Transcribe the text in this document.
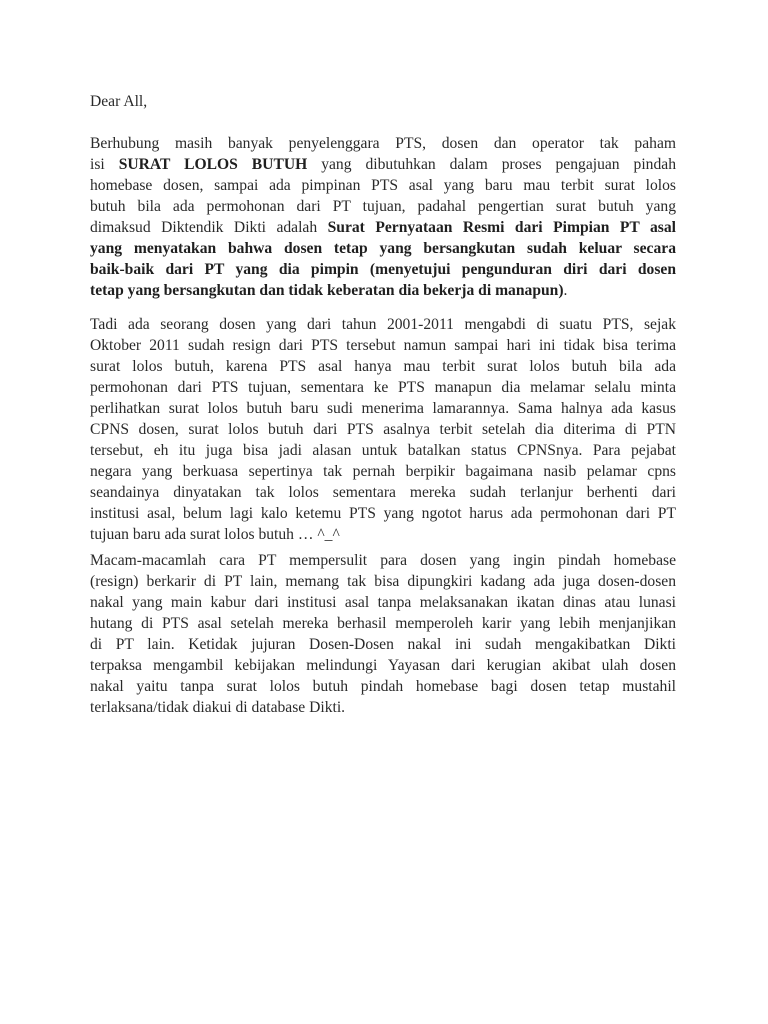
Dear All,
Berhubung masih banyak penyelenggara PTS, dosen dan operator tak paham
isi SURAT LOLOS BUTUH yang dibutuhkan dalam proses pengajuan pindah
homebase dosen, sampai ada pimpinan PTS asal yang baru mau terbit surat lolos
butuh bila ada permohonan dari PT tujuan, padahal pengertian surat butuh yang
dimaksud Diktendik Dikti adalah Surat Pernyataan Resmi dari Pimpian PT asal
yang menyatakan bahwa dosen tetap yang bersangkutan sudah keluar secara
baik-baik dari PT yang dia pimpin (menyetujui pengunduran diri dari dosen
tetap yang bersangkutan dan tidak keberatan dia bekerja di manapun).
Tadi ada seorang dosen yang dari tahun 2001-2011 mengabdi di suatu PTS, sejak
Oktober 2011 sudah resign dari PTS tersebut namun sampai hari ini tidak bisa terima
surat lolos butuh, karena PTS asal hanya mau terbit surat lolos butuh bila ada
permohonan dari PTS tujuan, sementara ke PTS manapun dia melamar selalu minta
perlihatkan surat lolos butuh baru sudi menerima lamarannya. Sama halnya ada kasus
CPNS dosen, surat lolos butuh dari PTS asalnya terbit setelah dia diterima di PTN
tersebut, eh itu juga bisa jadi alasan untuk batalkan status CPNSnya. Para pejabat
negara yang berkuasa sepertinya tak pernah berpikir bagaimana nasib pelamar cpns
seandainya dinyatakan tak lolos sementara mereka sudah terlanjur berhenti dari
institusi asal, belum lagi kalo ketemu PTS yang ngotot harus ada permohonan dari PT
tujuan baru ada surat lolos butuh … ^_^
Macam-macamlah cara PT mempersulit para dosen yang ingin pindah homebase
(resign) berkarir di PT lain, memang tak bisa dipungkiri kadang ada juga dosen-dosen
nakal yang main kabur dari institusi asal tanpa melaksanakan ikatan dinas atau lunasi
hutang di PTS asal setelah mereka berhasil memperoleh karir yang lebih menjanjikan
di PT lain. Ketidak jujuran Dosen-Dosen nakal ini sudah mengakibatkan Dikti
terpaksa mengambil kebijakan melindungi Yayasan dari kerugian akibat ulah dosen
nakal yaitu tanpa surat lolos butuh pindah homebase bagi dosen tetap mustahil
terlaksana/tidak diakui di database Dikti.
